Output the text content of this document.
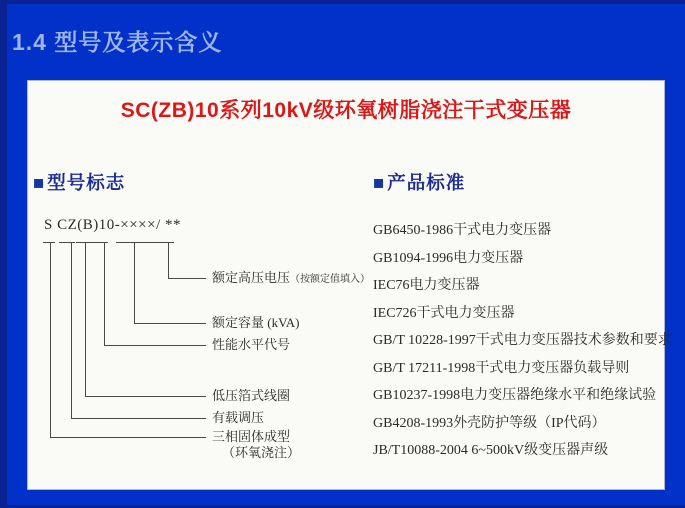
1.4 型号及表示含义
SC(ZB)10系列10kV级环氧树脂浇注干式变压器
■ 型号标志
S CZ(B)10-××××/ **
额定高压电压（按额定值填入）
额定容量 (kVA)
性能水平代号
低压箔式线圈
有载调压
三相固体成型
（环氧浇注）
■ 产品标准
GB6450-1986干式电力变压器
GB1094-1996电力变压器
IEC76电力变压器
IEC726干式电力变压器
GB/T 10228-1997干式电力变压器技术参数和要求
GB/T 17211-1998干式电力变压器负载导则
GB10237-1998电力变压器绝缘水平和绝缘试验
GB4208-1993外壳防护等级（IP代码）
JB/T10088-2004 6~500kV级变压器声级
